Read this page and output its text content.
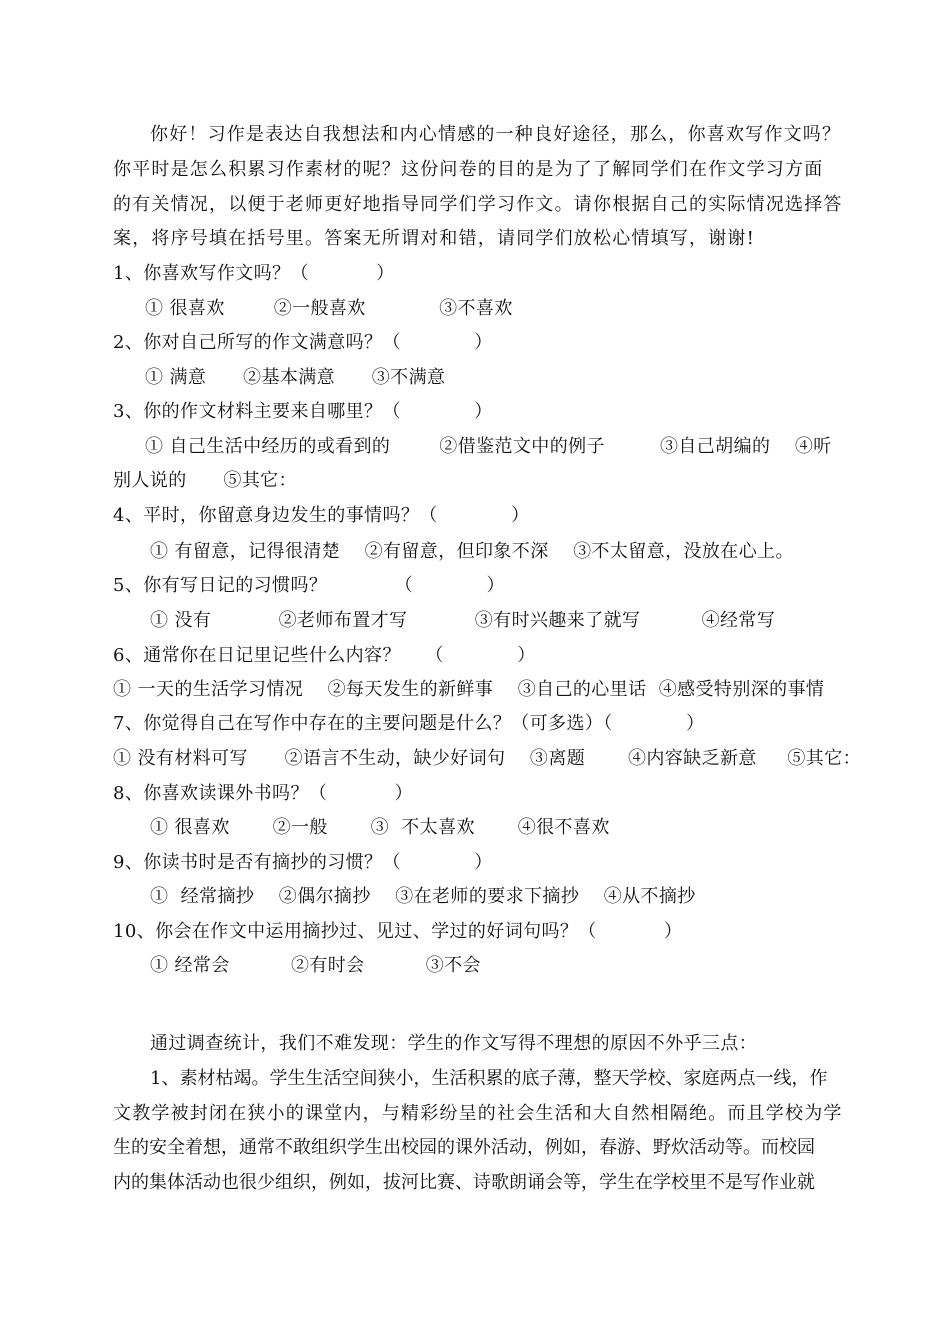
你好！习作是表达自我想法和内心情感的一种良好途径，那么，你喜欢写作文吗？
你平时是怎么积累习作素材的呢？这份问卷的目的是为了了解同学们在作文学习方面
的有关情况，以便于老师更好地指导同学们学习作文。请你根据自己的实际情况选择答
案，将序号填在括号里。答案无所谓对和错，请同学们放松心情填写，谢谢!
1、你喜欢写作文吗？（           ）
① 很喜欢        ②一般喜欢            ③不喜欢
2、你对自己所写的作文满意吗？（            ）
① 满意      ②基本满意      ③不满意
3、你的作文材料主要来自哪里？（            ）
① 自己生活中经历的或看到的        ②借鉴范文中的例子         ③自己胡编的    ④听
别人说的      ⑤其它：
4、平时，你留意身边发生的事情吗？（            ）
① 有留意，记得很清楚    ②有留意，但印象不深    ③不太留意，没放在心上。
5、你有写日记的习惯吗？           （            ）
① 没有           ②老师布置才写           ③有时兴趣来了就写          ④经常写
6、通常你在日记里记些什么内容？    （            ）
① 一天的生活学习情况    ②每天发生的新鲜事    ③自己的心里话  ④感受特别深的事情
7、你觉得自己在写作中存在的主要问题是什么？（可多选）（            ）
① 没有材料可写      ②语言不生动，缺少好词句    ③离题       ④内容缺乏新意     ⑤其它：
8、你喜欢读课外书吗？（           ）
① 很喜欢       ②一般       ③  不太喜欢       ④很不喜欢
9、你读书时是否有摘抄的习惯？（            ）
①  经常摘抄    ②偶尔摘抄    ③在老师的要求下摘抄    ④从不摘抄
10、你会在作文中运用摘抄过、见过、学过的好词句吗？（           ）
① 经常会          ②有时会          ③不会
通过调查统计，我们不难发现：学生的作文写得不理想的原因不外乎三点：
1、素材枯竭。学生生活空间狭小，生活积累的底子薄，整天学校、家庭两点一线，作
文教学被封闭在狭小的课堂内，与精彩纷呈的社会生活和大自然相隔绝。而且学校为学
生的安全着想，通常不敢组织学生出校园的课外活动，例如，春游、野炊活动等。而校园
内的集体活动也很少组织，例如，拔河比赛、诗歌朗诵会等，学生在学校里不是写作业就
